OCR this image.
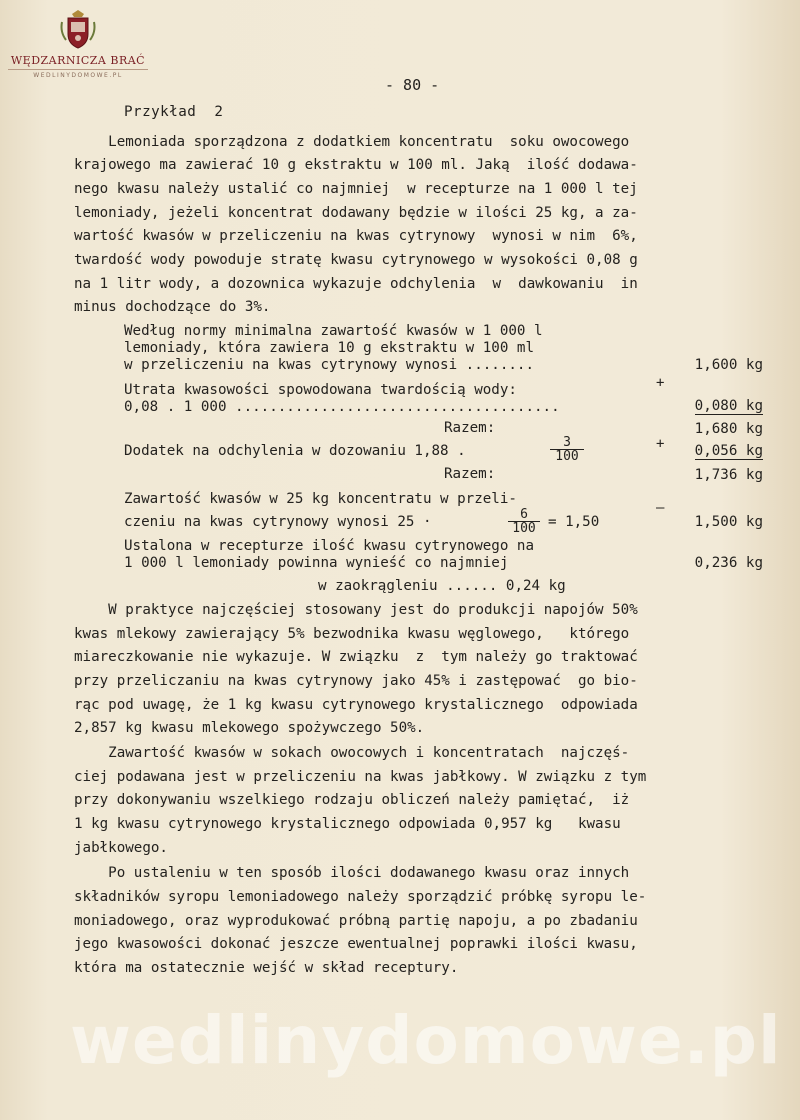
WĘDZARNICZA BRAĆ
WEDLINYDOMOWE.PL
- 80 -
Przykład  2
Lemoniada sporządzona z dodatkiem koncentratu  soku owocowego
krajowego ma zawierać 10 g ekstraktu w 100 ml. Jaką  ilość dodawa-
nego kwasu należy ustalić co najmniej  w recepturze na 1 000 l tej
lemoniady, jeżeli koncentrat dodawany będzie w ilości 25 kg, a za-
wartość kwasów w przeliczeniu na kwas cytrynowy  wynosi w nim  6%,
twardość wody powoduje stratę kwasu cytrynowego w wysokości 0,08 g
na 1 litr wody, a dozownica wykazuje odchylenia  w  dawkowaniu  in
minus dochodzące do 3%.
Według normy minimalna zawartość kwasów w 1 000 l
lemoniady, która zawiera 10 g ekstraktu w 100 ml
w przeliczeniu na kwas cytrynowy wynosi ........	1,600 kg
+
Utrata kwasowości spowodowana twardością wody:
0,08 . 1 000 ......................................	0,080 kg
Razem:	1,680 kg
Dodatek na odchylenia w dozowaniu 1,88 .	$\frac{3}{100}$	+	0,056 kg
Razem:	1,736 kg
Zawartość kwasów w 25 kg koncentratu w przeli-
–
czeniu na kwas cytrynowy wynosi 25 ·	$\frac{6}{100} = 1,50$	1,500 kg
Ustalona w recepturze ilość kwasu cytrynowego na
1 000 l lemoniady powinna wynieść co najmniej	0,236 kg
w zaokrągleniu ...... 0,24 kg
W praktyce najczęściej stosowany jest do produkcji napojów 50%
kwas mlekowy zawierający 5% bezwodnika kwasu węglowego,   którego
miareczkowanie nie wykazuje. W związku  z  tym należy go traktować
przy przeliczaniu na kwas cytrynowy jako 45% i zastępować  go bio-
rąc pod uwagę, że 1 kg kwasu cytrynowego krystalicznego  odpowiada
2,857 kg kwasu mlekowego spożywczego 50%.
Zawartość kwasów w sokach owocowych i koncentratach  najczęś-
ciej podawana jest w przeliczeniu na kwas jabłkowy. W związku z tym
przy dokonywaniu wszelkiego rodzaju obliczeń należy pamiętać,  iż
1 kg kwasu cytrynowego krystalicznego odpowiada 0,957 kg   kwasu
jabłkowego.
Po ustaleniu w ten sposób ilości dodawanego kwasu oraz innych
składników syropu lemoniadowego należy sporządzić próbkę syropu le-
moniadowego, oraz wyprodukować próbną partię napoju, a po zbadaniu
jego kwasowości dokonać jeszcze ewentualnej poprawki ilości kwasu,
która ma ostatecznie wejść w skład receptury.
wedlinydomowe.pl
